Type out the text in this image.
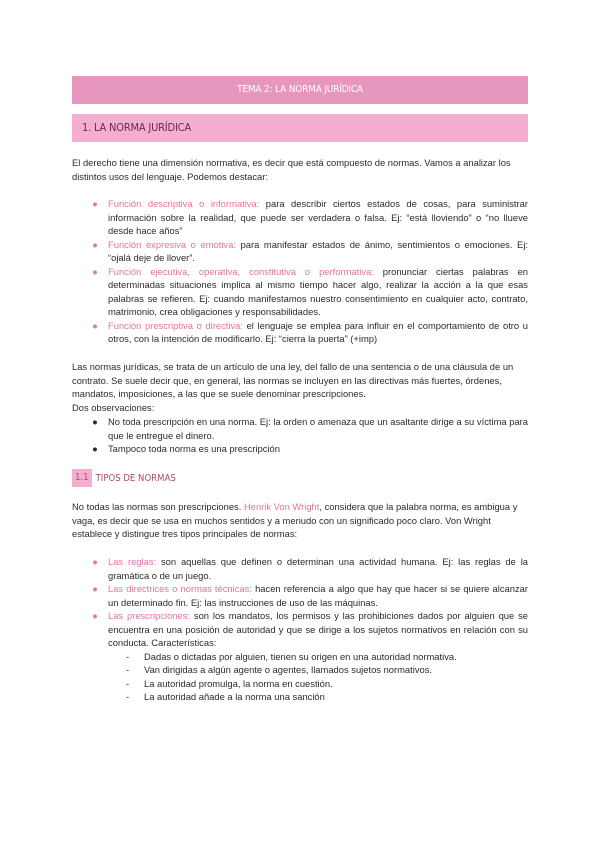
TEMA 2: LA NORMA JURÍDICA
1. LA NORMA JURÍDICA

El derecho tiene una dimensión normativa, es decir que está compuesto de normas. Vamos a analizar los distintos usos del lenguaje. Podemos destacar:

● Función descriptiva o informativa: para describir ciertos estados de cosas, para suministrar información sobre la realidad, que puede ser verdadera o falsa. Ej: “está lloviendo” o “no llueve desde hace años”
● Función expresiva o emotiva: para manifestar estados de ánimo, sentimientos o emociones. Ej: “ojalá deje de llover”.
● Función ejecutiva, operativa, constitutiva o performativa: pronunciar ciertas palabras en determinadas situaciones implica al mismo tiempo hacer algo, realizar la acción a la que esas palabras se refieren. Ej: cuando manifestamos nuestro consentimiento en cualquier acto, contrato, matrimonio, crea obligaciones y responsabilidades.
● Función prescriptiva o directiva: el lenguaje se emplea para influir en el comportamiento de otro u otros, con la intención de modificarlo. Ej: “cierra la puerta” (+imp)

Las normas jurídicas, se trata de un artículo de una ley, del fallo de una sentencia o de una cláusula de un contrato. Se suele decir que, en general, las normas se incluyen en las directivas más fuertes, órdenes, mandatos, imposiciones, a las que se suele denominar prescripciones.

Dos observaciones:

● No toda prescripción en una norma. Ej: la orden o amenaza que un asaltante dirige a su víctima para que le entregue el dinero.
● Tampoco toda norma es una prescripción
1.1 TIPOS DE NORMAS

No todas las normas son prescripciones. Henrik Von Wright, considera que la palabra norma, es ambigua y vaga, es decir que se usa en muchos sentidos y a menudo con un significado poco claro. Von Wright establece y distingue tres tipos principales de normas:

● Las reglas: son aquellas que definen o determinan una actividad humana. Ej: las reglas de la gramática o de un juego.
● Las directrices o normas técnicas: hacen referencia a algo que hay que hacer si se quiere alcanzar un determinado fin. Ej: las instrucciones de uso de las máquinas.
● Las prescripciones: son los mandatos, los permisos y las prohibiciones dados por alguien que se encuentra en una posición de autoridad y que se dirige a los sujetos normativos en relación con su conducta. Características:
- Dadas o dictadas por alguien, tienen su origen en una autoridad normativa.
- Van dirigidas a algún agente o agentes, llamados sujetos normativos.
- La autoridad promulga, la norma en cuestión.
- La autoridad añade a la norma una sanción
